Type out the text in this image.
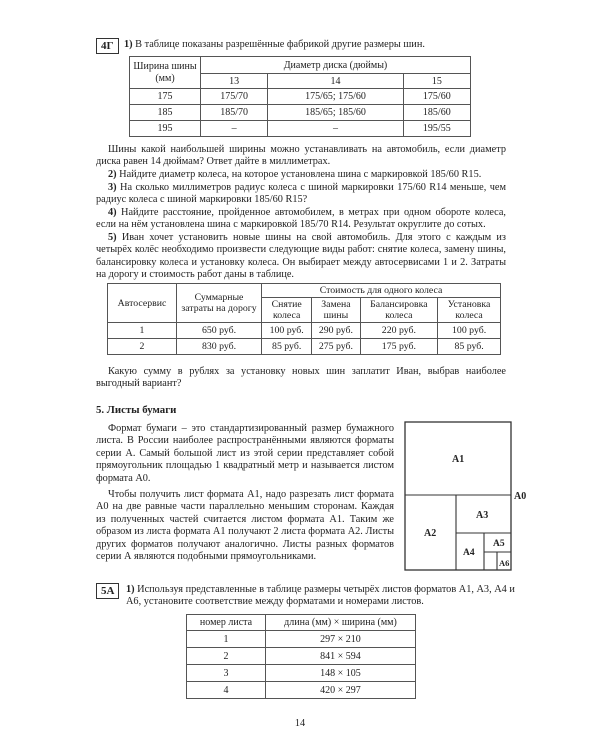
4Г	1) В таблице показаны разрешённые фабрикой другие размеры шин.
Ширина шины (мм)	Диаметр диска (дюймы)		
	13	14	15
175	175/70	175/65; 175/60	175/60
185	185/70	185/65; 185/60	185/60
195	–	–	195/55

Шины какой наибольшей ширины можно устанавливать на автомобиль, если диаметр диска равен 14 дюймам? Ответ дайте в миллиметрах.

2) Найдите диаметр колеса, на которое установлена шина с маркировкой 185/60 R15.

3) На сколько миллиметров радиус колеса с шиной маркировки 175/60 R14 меньше, чем радиус колеса с шиной маркировки 185/60 R15?

4) Найдите расстояние, пройденное автомобилем, в метрах при одном обороте колеса, если на нём установлена шина с маркировкой 185/70 R14. Результат округлите до сотых.

5) Иван хочет установить новые шины на свой автомобиль. Для этого с каждым из четырёх колёс необходимо произвести следующие виды работ: снятие колеса, замену шины, балансировку колеса и установку колеса. Он выбирает между автосервисами 1 и 2. Затраты на дорогу и стоимость работ даны в таблице.

Автосервис	Суммарные затраты на дорогу	Стоимость для одного колеса			
		Снятие колеса	Замена шины	Балансировка колеса	Установка колеса
1	650 руб.	100 руб.	290 руб.	220 руб.	100 руб.
2	830 руб.	85 руб.	275 руб.	175 руб.	85 руб.

Какую сумму в рублях за установку новых шин заплатит Иван, выбрав наиболее выгодный вариант?

5. Листы бумаги

Формат бумаги – это стандартизированный размер бумажного листа. В России наиболее распространёнными являются форматы серии А. Самый большой лист из этой серии представляет собой прямоугольник площадью 1 квадратный метр и называется листом формата А0.

Чтобы получить лист формата А1, надо разрезать лист формата А0 на две равные части параллельно меньшим сторонам. Каждая из полученных частей считается листом формата А1. Таким же образом из листа формата А1 получают 2 листа формата А2. Листы других форматов получают аналогично. Листы разных форматов серии А являются подобными прямоугольниками.

А1
А0
А2
А3
А4
А5
А6
5А	1) Используя представленные в таблице размеры четырёх листов форматов А1, А3, А4 и А6, установите соответствие между форматами и номерами листов.

номер листа	длина (мм) × ширина (мм)
1	297 × 210
2	841 × 594
3	148 × 105
4	420 × 297
14
